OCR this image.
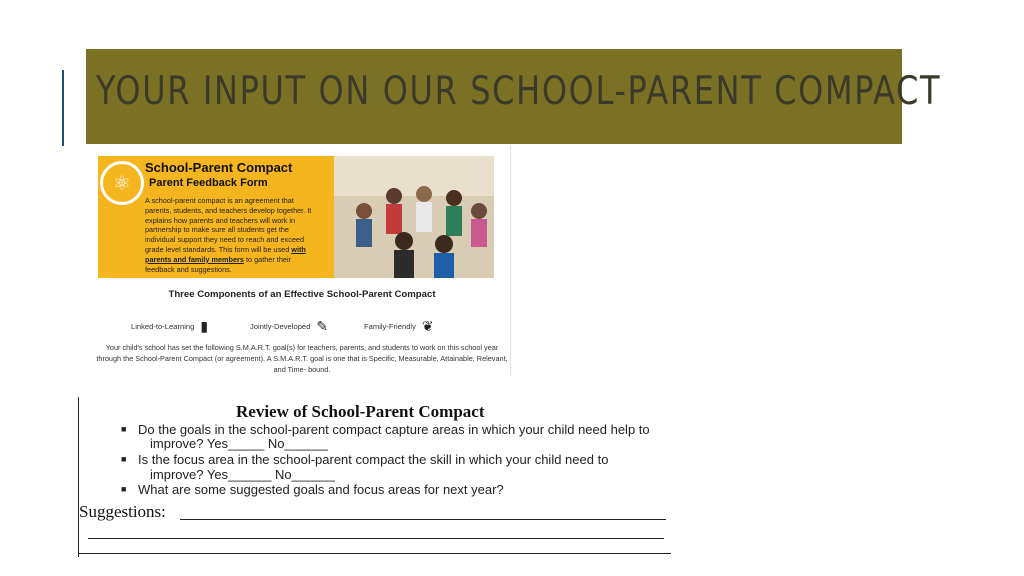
YOUR INPUT ON OUR SCHOOL-PARENT COMPACT
⚛
School-Parent Compact
Parent Feedback Form
A school-parent compact is an agreement that parents, students, and teachers develop together. It explains how parents and teachers will work in partnership to make sure all students get the individual support they need to reach and exceed grade level standards. This form will be used with parents and family members to gather their feedback and suggestions.
Three Components of an Effective School-Parent Compact
Linked-to-Learning ▮	Jointly-Developed ✎	Family-Friendly ❦
Your child's school has set the following S.M.A.R.T. goal(s) for teachers, parents, and students to work on this school year through the School-Parent Compact (or agreement). A S.M.A.R.T. goal is one that is Specific, Measurable, Attainable, Relevant, and Time- bound.
Review of School-Parent Compact
■ Do the goals in the school-parent compact capture areas in which your child need help to
improve? Yes_____ No______
■ Is the focus area in the school-parent compact the skill in which your child need to
improve? Yes______ No______
■ What are some suggested goals and focus areas for next year?
Suggestions:
